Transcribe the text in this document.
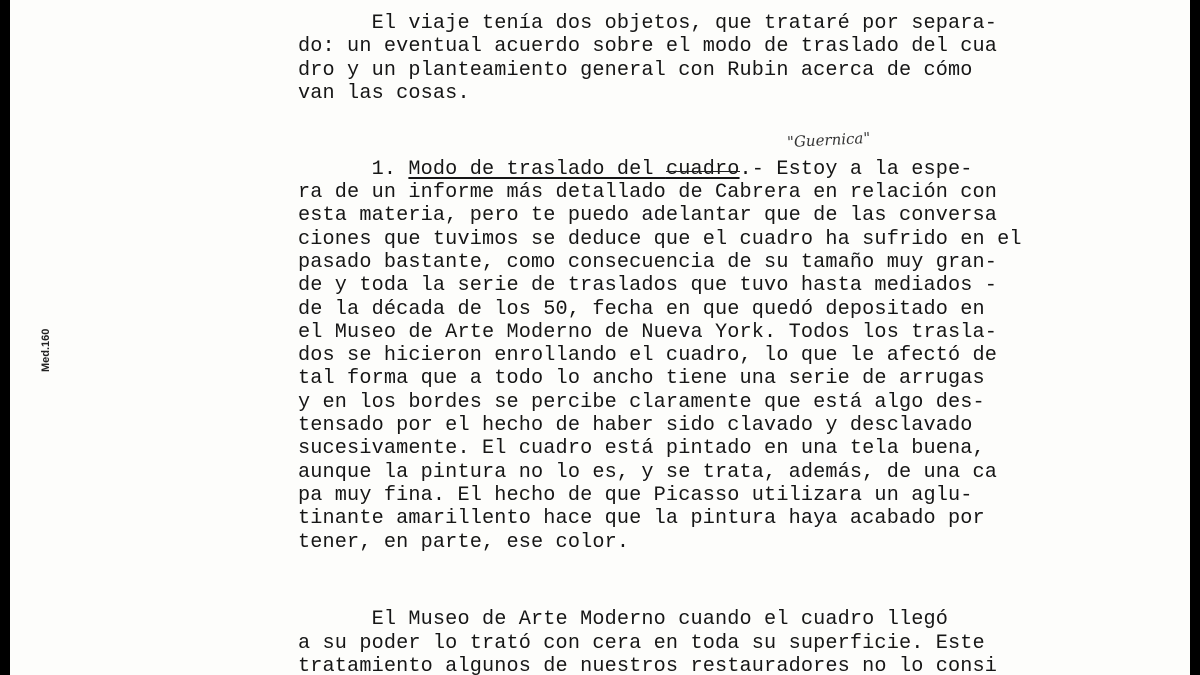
Med.160
"Guernica"
El viaje tenía dos objetos, que trataré por separa-
do: un eventual acuerdo sobre el modo de traslado del cua
dro y un planteamiento general con Rubin acerca de cómo
van las cosas.
1. Modo de traslado del cuadro.- Estoy a la espe-
ra de un informe más detallado de Cabrera en relación con
esta materia, pero te puedo adelantar que de las conversa
ciones que tuvimos se deduce que el cuadro ha sufrido en el
pasado bastante, como consecuencia de su tamaño muy gran-
de y toda la serie de traslados que tuvo hasta mediados -
de la década de los 50, fecha en que quedó depositado en
el Museo de Arte Moderno de Nueva York. Todos los trasla-
dos se hicieron enrollando el cuadro, lo que le afectó de
tal forma que a todo lo ancho tiene una serie de arrugas
y en los bordes se percibe claramente que está algo des-
tensado por el hecho de haber sido clavado y desclavado
sucesivamente. El cuadro está pintado en una tela buena,
aunque la pintura no lo es, y se trata, además, de una ca
pa muy fina. El hecho de que Picasso utilizara un aglu-
tinante amarillento hace que la pintura haya acabado por
tener, en parte, ese color.
El Museo de Arte Moderno cuando el cuadro llegó
a su poder lo trató con cera en toda su superficie. Este
tratamiento algunos de nuestros restauradores no lo consi
